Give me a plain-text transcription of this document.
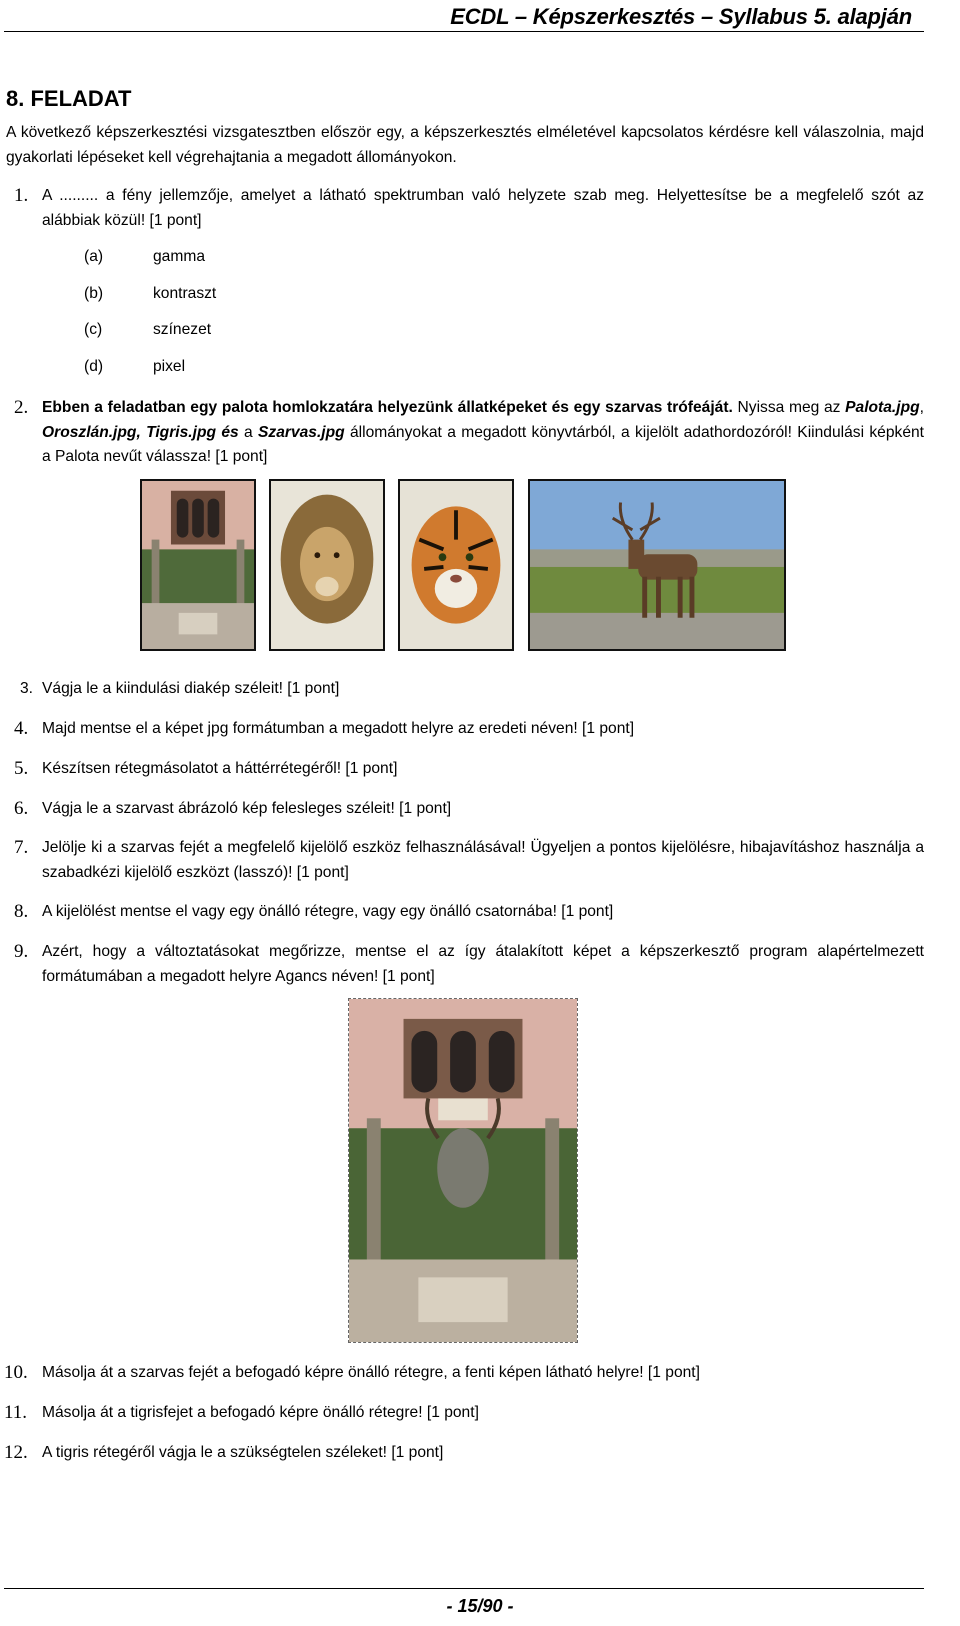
ECDL – Képszerkesztés – Syllabus 5. alapján
8. FELADAT
A következő képszerkesztési vizsgatesztben először egy, a képszerkesztés elméletével kapcsolatos kérdésre kell válaszolnia, majd gyakorlati lépéseket kell végrehajtania a megadott állományokon.
1. A ......... a fény jellemzője, amelyet a látható spektrumban való helyzete szab meg. Helyettesítse be a megfelelő szót az alábbiak közül! [1 pont]
(a)	gamma
(b)	kontraszt
(c)	színezet
(d)	pixel
2. Ebben a feladatban egy palota homlokzatára helyezünk állatképeket és egy szarvas trófeáját. Nyissa meg az Palota.jpg, Oroszlán.jpg, Tigris.jpg és a Szarvas.jpg állományokat a megadott könyvtárból, a kijelölt adathordozóról! Kiindulási képként a Palota nevűt válassza! [1 pont]
3. Vágja le a kiindulási diakép széleit! [1 pont]
4. Majd mentse el a képet jpg formátumban a megadott helyre az eredeti néven! [1 pont]
5. Készítsen rétegmásolatot a háttérrétegéről! [1 pont]
6. Vágja le a szarvast ábrázoló kép felesleges széleit! [1 pont]
7. Jelölje ki a szarvas fejét a megfelelő kijelölő eszköz felhasználásával! Ügyeljen a pontos kijelölésre, hibajavításhoz használja a szabadkézi kijelölő eszközt (lasszó)! [1 pont]
8. A kijelölést mentse el vagy egy önálló rétegre, vagy egy önálló csatornába! [1 pont]
9. Azért, hogy a változtatásokat megőrizze, mentse el az így átalakított képet a képszerkesztő program alapértelmezett formátumában a megadott helyre Agancs néven! [1 pont]
10. Másolja át a szarvas fejét a befogadó képre önálló rétegre, a fenti képen látható helyre! [1 pont]
11. Másolja át a tigrisfejet a befogadó képre önálló rétegre! [1 pont]
12. A tigris rétegéről vágja le a szükségtelen széleket! [1 pont]
- 15/90 -
